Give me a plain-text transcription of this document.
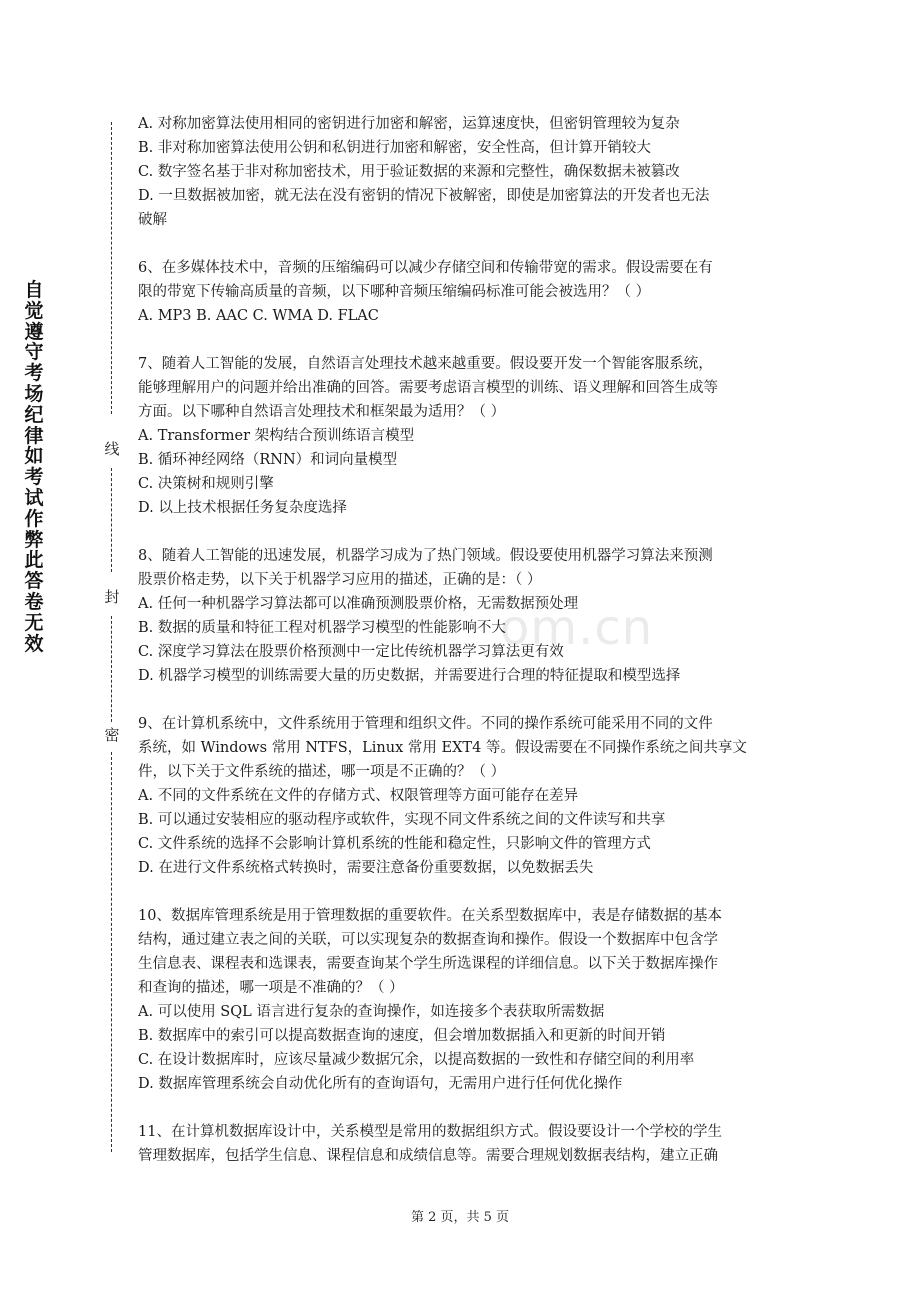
自觉遵守考场纪律如考试作弊此答卷无效
线
封
密
om.cn
A. 对称加密算法使用相同的密钥进行加密和解密，运算速度快，但密钥管理较为复杂
B. 非对称加密算法使用公钥和私钥进行加密和解密，安全性高，但计算开销较大
C. 数字签名基于非对称加密技术，用于验证数据的来源和完整性，确保数据未被篡改
D. 一旦数据被加密，就无法在没有密钥的情况下被解密，即使是加密算法的开发者也无法
破解
6、在多媒体技术中，音频的压缩编码可以减少存储空间和传输带宽的需求。假设需要在有
限的带宽下传输高质量的音频，以下哪种音频压缩编码标准可能会被选用？（ ）
A. MP3 B. AAC C. WMA D. FLAC
7、随着人工智能的发展，自然语言处理技术越来越重要。假设要开发一个智能客服系统，
能够理解用户的问题并给出准确的回答。需要考虑语言模型的训练、语义理解和回答生成等
方面。以下哪种自然语言处理技术和框架最为适用？（ ）
A. Transformer 架构结合预训练语言模型
B. 循环神经网络（RNN）和词向量模型
C. 决策树和规则引擎
D. 以上技术根据任务复杂度选择
8、随着人工智能的迅速发展，机器学习成为了热门领域。假设要使用机器学习算法来预测
股票价格走势，以下关于机器学习应用的描述，正确的是：（ ）
A. 任何一种机器学习算法都可以准确预测股票价格，无需数据预处理
B. 数据的质量和特征工程对机器学习模型的性能影响不大
C. 深度学习算法在股票价格预测中一定比传统机器学习算法更有效
D. 机器学习模型的训练需要大量的历史数据，并需要进行合理的特征提取和模型选择
9、在计算机系统中，文件系统用于管理和组织文件。不同的操作系统可能采用不同的文件
系统，如 Windows 常用 NTFS，Linux 常用 EXT4 等。假设需要在不同操作系统之间共享文
件，以下关于文件系统的描述，哪一项是不正确的？（ ）
A. 不同的文件系统在文件的存储方式、权限管理等方面可能存在差异
B. 可以通过安装相应的驱动程序或软件，实现不同文件系统之间的文件读写和共享
C. 文件系统的选择不会影响计算机系统的性能和稳定性，只影响文件的管理方式
D. 在进行文件系统格式转换时，需要注意备份重要数据，以免数据丢失
10、数据库管理系统是用于管理数据的重要软件。在关系型数据库中，表是存储数据的基本
结构，通过建立表之间的关联，可以实现复杂的数据查询和操作。假设一个数据库中包含学
生信息表、课程表和选课表，需要查询某个学生所选课程的详细信息。以下关于数据库操作
和查询的描述，哪一项是不准确的？（ ）
A. 可以使用 SQL 语言进行复杂的查询操作，如连接多个表获取所需数据
B. 数据库中的索引可以提高数据查询的速度，但会增加数据插入和更新的时间开销
C. 在设计数据库时，应该尽量减少数据冗余，以提高数据的一致性和存储空间的利用率
D. 数据库管理系统会自动优化所有的查询语句，无需用户进行任何优化操作
11、在计算机数据库设计中，关系模型是常用的数据组织方式。假设要设计一个学校的学生
管理数据库，包括学生信息、课程信息和成绩信息等。需要合理规划数据表结构，建立正确
第 2 页，共 5 页
